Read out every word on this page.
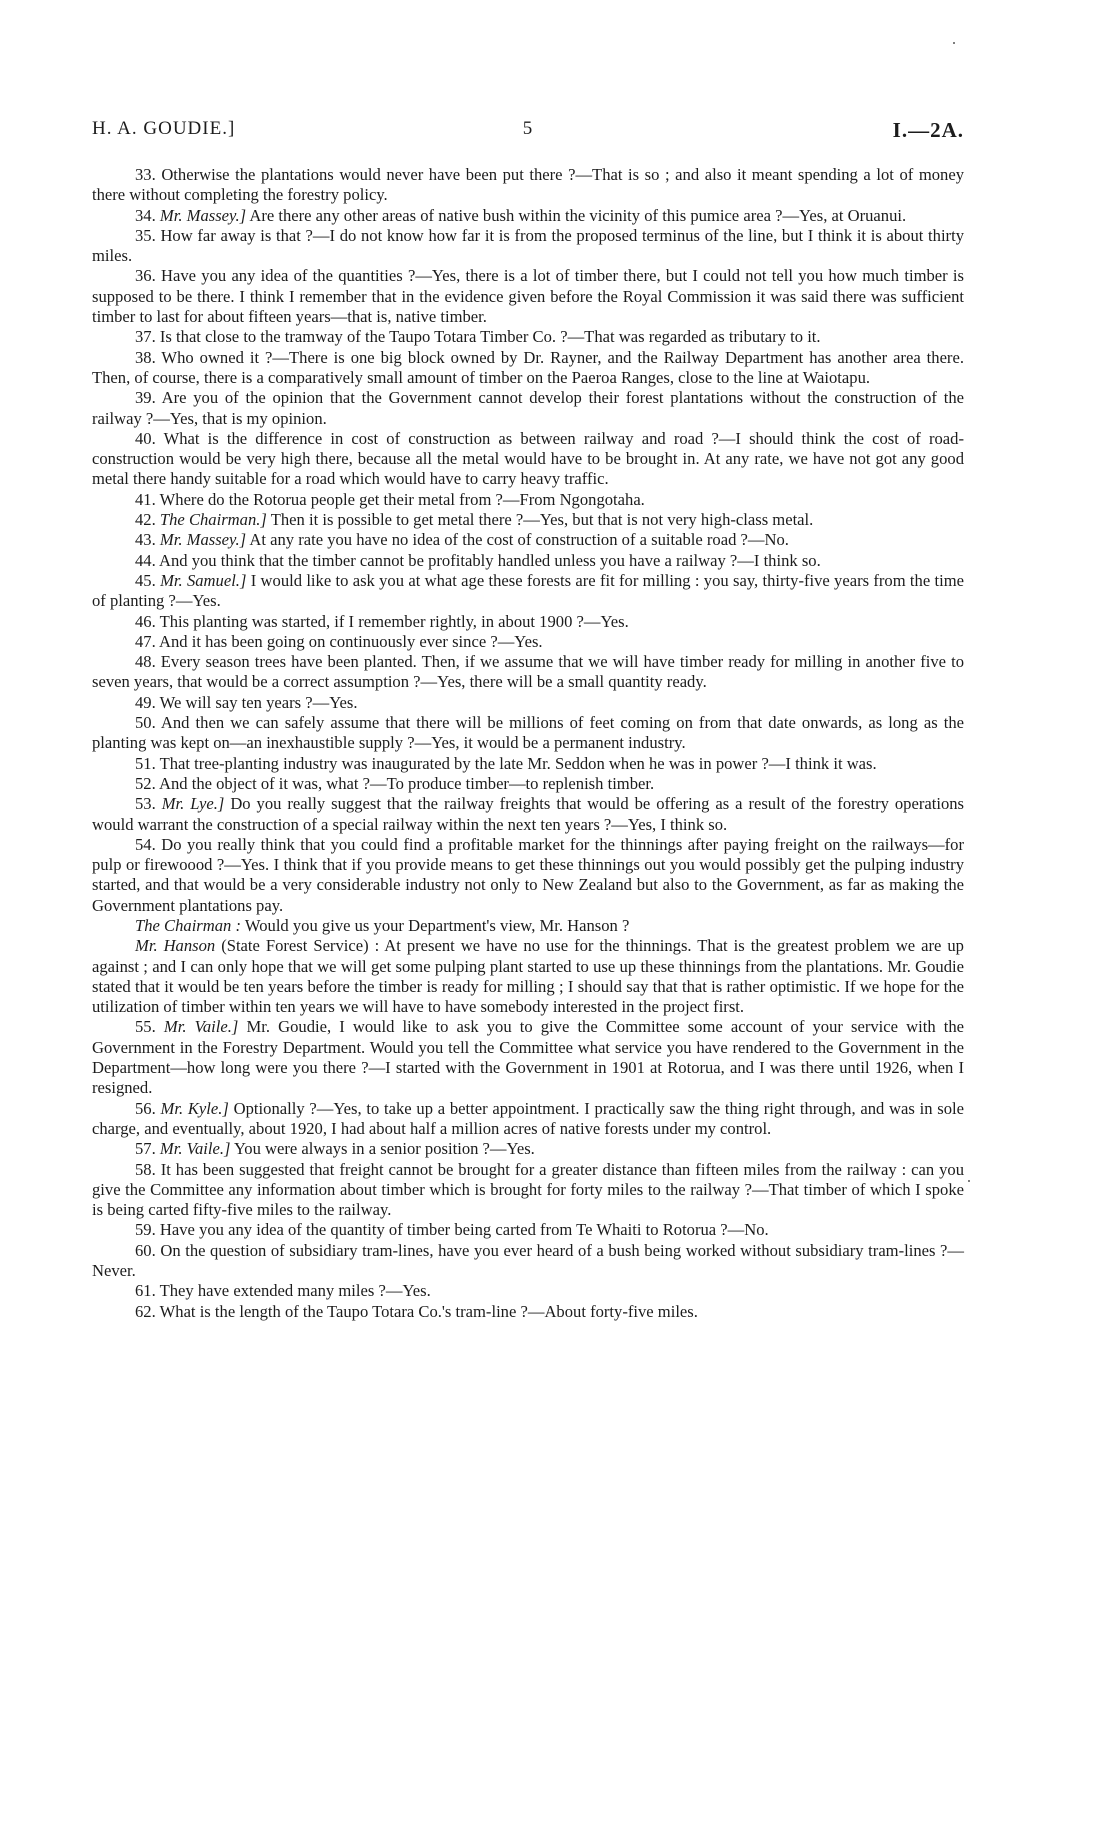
H. A. GOUDIE.]	5	I.—2A.

33. Otherwise the plantations would never have been put there ?—That is so ; and also it meant spending a lot of money there without completing the forestry policy.

34. Mr. Massey.] Are there any other areas of native bush within the vicinity of this pumice area ?—Yes, at Oruanui.

35. How far away is that ?—I do not know how far it is from the proposed terminus of the line, but I think it is about thirty miles.

36. Have you any idea of the quantities ?—Yes, there is a lot of timber there, but I could not tell you how much timber is supposed to be there. I think I remember that in the evidence given before the Royal Commission it was said there was sufficient timber to last for about fifteen years—that is, native timber.

37. Is that close to the tramway of the Taupo Totara Timber Co. ?—That was regarded as tributary to it.

38. Who owned it ?—There is one big block owned by Dr. Rayner, and the Railway Department has another area there. Then, of course, there is a comparatively small amount of timber on the Paeroa Ranges, close to the line at Waiotapu.

39. Are you of the opinion that the Government cannot develop their forest plantations without the construction of the railway ?—Yes, that is my opinion.

40. What is the difference in cost of construction as between railway and road ?—I should think the cost of road-construction would be very high there, because all the metal would have to be brought in. At any rate, we have not got any good metal there handy suitable for a road which would have to carry heavy traffic.

41. Where do the Rotorua people get their metal from ?—From Ngongotaha.

42. The Chairman.] Then it is possible to get metal there ?—Yes, but that is not very high-class metal.

43. Mr. Massey.] At any rate you have no idea of the cost of construction of a suitable road ?—No.

44. And you think that the timber cannot be profitably handled unless you have a railway ?—I think so.

45. Mr. Samuel.] I would like to ask you at what age these forests are fit for milling : you say, thirty-five years from the time of planting ?—Yes.

46. This planting was started, if I remember rightly, in about 1900 ?—Yes.

47. And it has been going on continuously ever since ?—Yes.

48. Every season trees have been planted. Then, if we assume that we will have timber ready for milling in another five to seven years, that would be a correct assumption ?—Yes, there will be a small quantity ready.

49. We will say ten years ?—Yes.

50. And then we can safely assume that there will be millions of feet coming on from that date onwards, as long as the planting was kept on—an inexhaustible supply ?—Yes, it would be a permanent industry.

51. That tree-planting industry was inaugurated by the late Mr. Seddon when he was in power ?—I think it was.

52. And the object of it was, what ?—To produce timber—to replenish timber.

53. Mr. Lye.] Do you really suggest that the railway freights that would be offering as a result of the forestry operations would warrant the construction of a special railway within the next ten years ?—Yes, I think so.

54. Do you really think that you could find a profitable market for the thinnings after paying freight on the railways—for pulp or firewoood ?—Yes. I think that if you provide means to get these thinnings out you would possibly get the pulping industry started, and that would be a very considerable industry not only to New Zealand but also to the Government, as far as making the Government plantations pay.

The Chairman : Would you give us your Department's view, Mr. Hanson ?

Mr. Hanson (State Forest Service) : At present we have no use for the thinnings. That is the greatest problem we are up against ; and I can only hope that we will get some pulping plant started to use up these thinnings from the plantations. Mr. Goudie stated that it would be ten years before the timber is ready for milling ; I should say that that is rather optimistic. If we hope for the utilization of timber within ten years we will have to have somebody interested in the project first.

55. Mr. Vaile.] Mr. Goudie, I would like to ask you to give the Committee some account of your service with the Government in the Forestry Department. Would you tell the Committee what service you have rendered to the Government in the Department—how long were you there ?—I started with the Government in 1901 at Rotorua, and I was there until 1926, when I resigned.

56. Mr. Kyle.] Optionally ?—Yes, to take up a better appointment. I practically saw the thing right through, and was in sole charge, and eventually, about 1920, I had about half a million acres of native forests under my control.

57. Mr. Vaile.] You were always in a senior position ?—Yes.

58. It has been suggested that freight cannot be brought for a greater distance than fifteen miles from the railway : can you give the Committee any information about timber which is brought for forty miles to the railway ?—That timber of which I spoke is being carted fifty-five miles to the railway.

59. Have you any idea of the quantity of timber being carted from Te Whaiti to Rotorua ?—No.

60. On the question of subsidiary tram-lines, have you ever heard of a bush being worked without subsidiary tram-lines ?—Never.

61. They have extended many miles ?—Yes.

62. What is the length of the Taupo Totara Co.'s tram-line ?—About forty-five miles.
